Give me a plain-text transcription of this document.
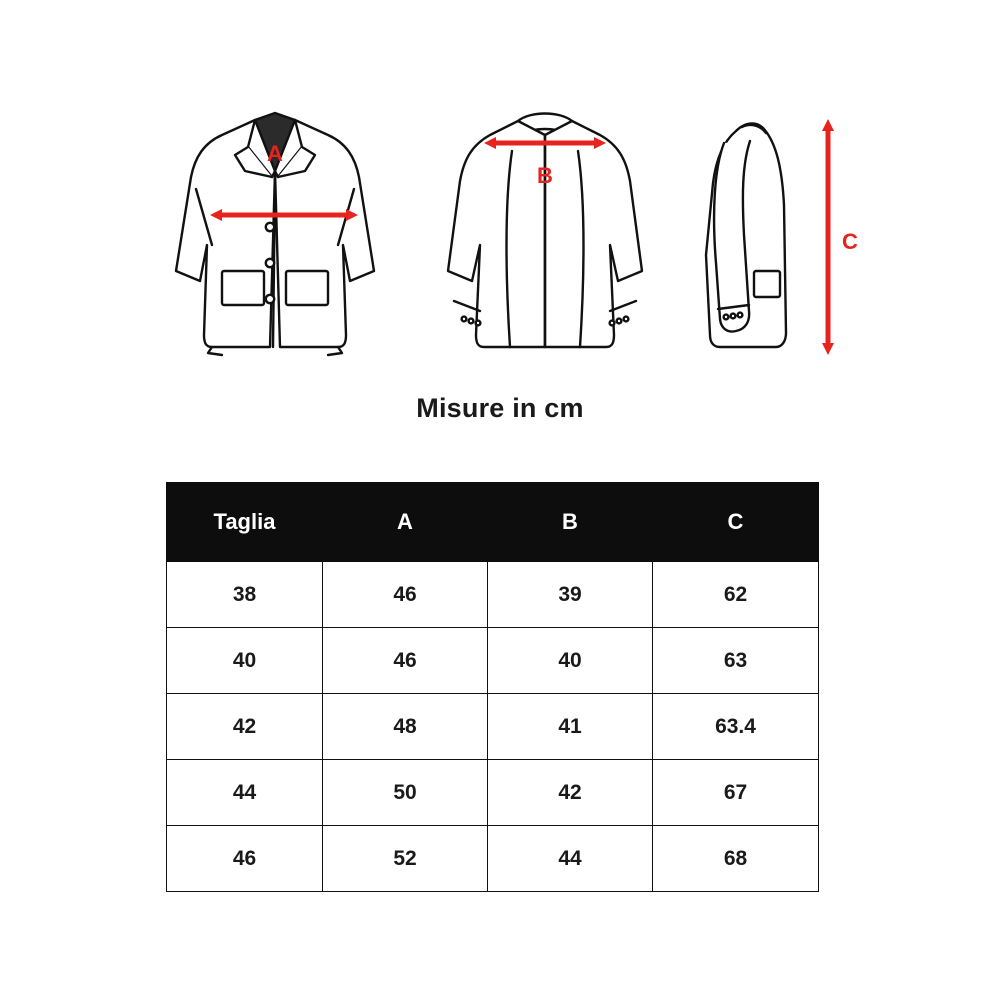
A
B
C
Misure in cm
Taglia	A	B	C
38	46	39	62
40	46	40	63
42	48	41	63.4
44	50	42	67
46	52	44	68
